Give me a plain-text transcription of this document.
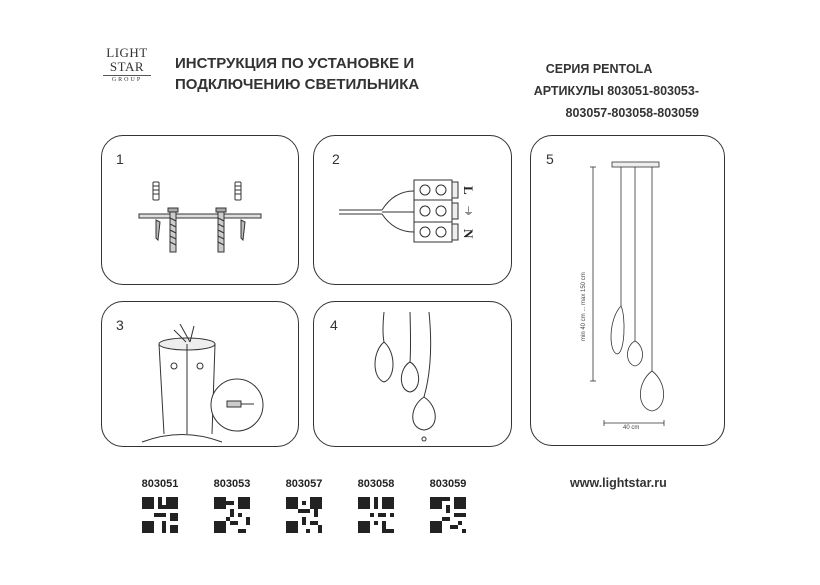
LIGHT
STAR
GROUP
ИНСТРУКЦИЯ ПО УСТАНОВКЕ И
ПОДКЛЮЧЕНИЮ СВЕТИЛЬНИКА
СЕРИЯ PENTOLA
АРТИКУЛЫ 803051-803053-
803057-803058-803059
1	2
L
⏚
N
3	4
5
min 40 cm ... max 150 cm
40 cm
803051	803053	803057	803058	803059	www.lightstar.ru
